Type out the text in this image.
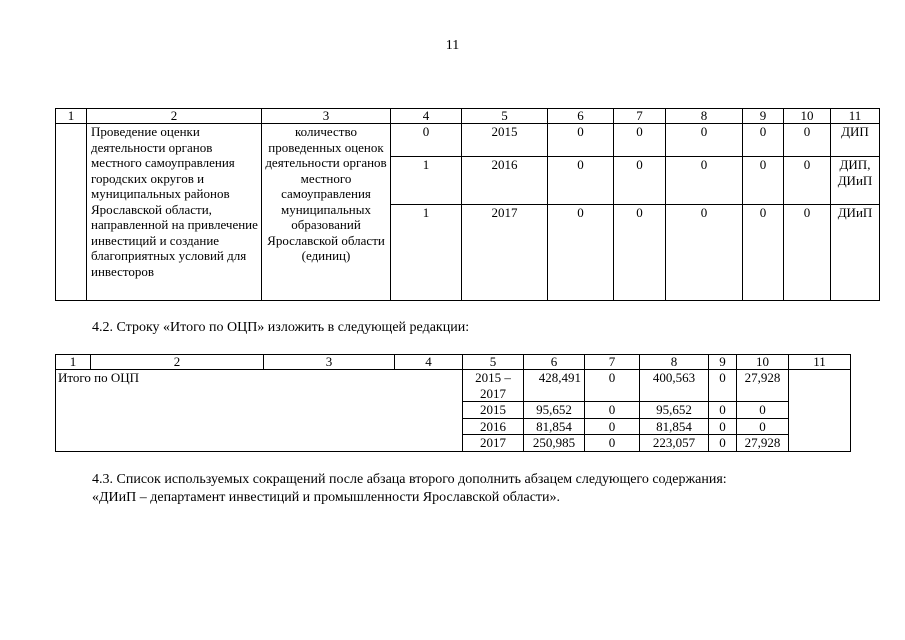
11
1	2	3	4	5	6	7	8	9	10	11
	Проведение оценки деятельности органов местного самоуправления городских округов и муниципальных районов Ярославской области, направленной на привлечение инвестиций и создание благоприятных условий для инвесторов	количество проведенных оценок деятельности органов местного самоуправления муниципальных образований Ярославской области (единиц)	0	2015	0	0	0	0	0	ДИП
			1	2016	0	0	0	0	0	ДИП, ДИиП
			1	2017	0	0	0	0	0	ДИиП
4.2. Строку «Итого по ОЦП» изложить в следующей редакции:
1	2	3	4	5	6	7	8	9	10	11
Итого по ОЦП				2015 – 2017	428,491	0	400,563	0	27,928	
				2015	95,652	0	95,652	0	0	
				2016	81,854	0	81,854	0	0	
				2017	250,985	0	223,057	0	27,928	
4.3. Список используемых сокращений после абзаца второго дополнить абзацем следующего содержания:
«ДИиП – департамент инвестиций и промышленности Ярославской области».
